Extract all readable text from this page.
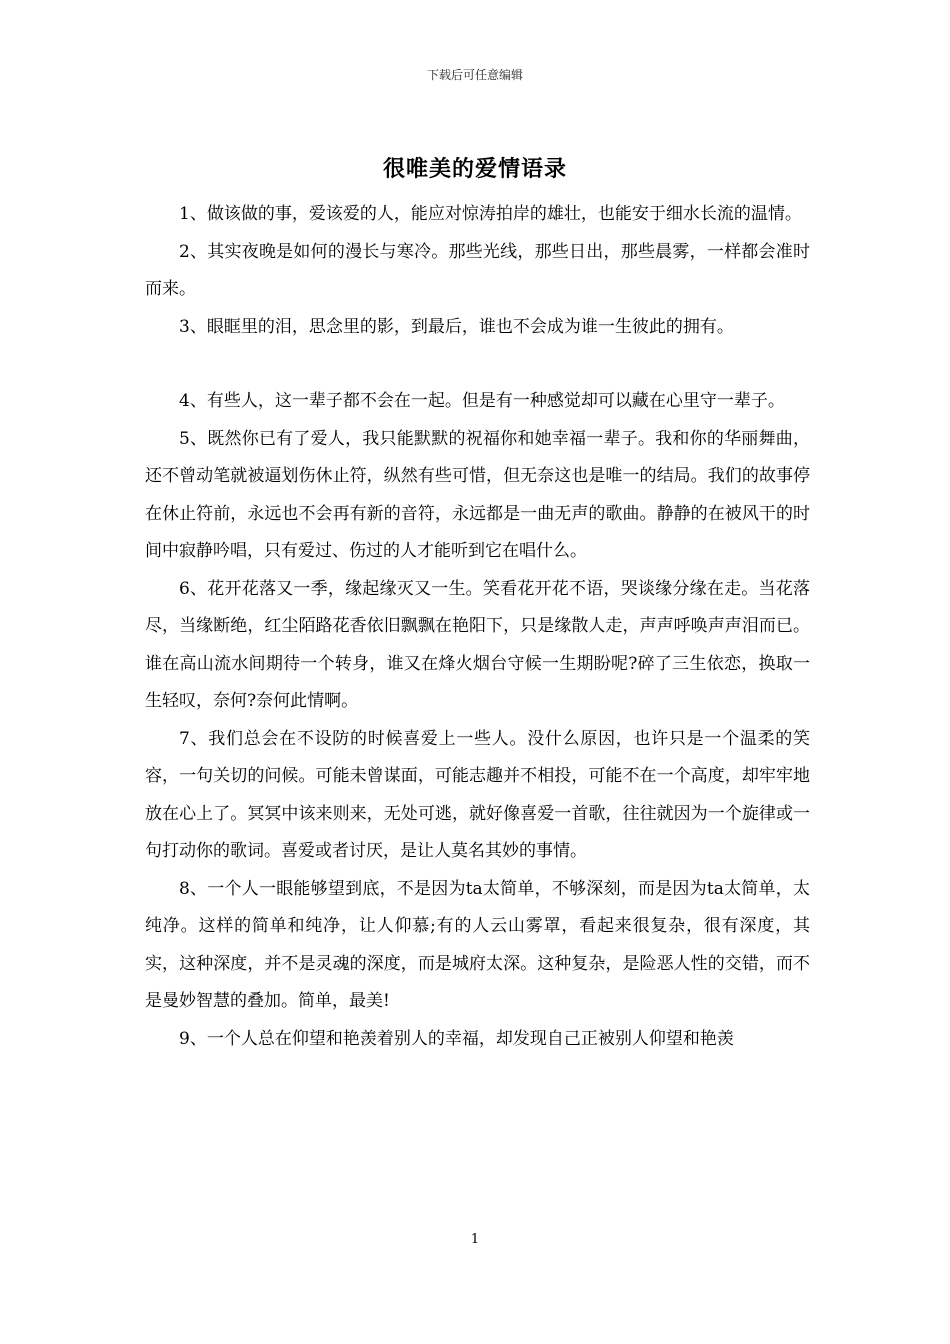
下载后可任意编辑
很唯美的爱情语录

1、做该做的事，爱该爱的人，能应对惊涛拍岸的雄壮，也能安于细水长流的温情。

2、其实夜晚是如何的漫长与寒冷。那些光线，那些日出，那些晨雾，一样都会准时而来。

3、眼眶里的泪，思念里的影，到最后，谁也不会成为谁一生彼此的拥有。

4、有些人，这一辈子都不会在一起。但是有一种感觉却可以藏在心里守一辈子。

5、既然你已有了爱人，我只能默默的祝福你和她幸福一辈子。我和你的华丽舞曲，还不曾动笔就被逼划伤休止符，纵然有些可惜，但无奈这也是唯一的结局。我们的故事停在休止符前，永远也不会再有新的音符，永远都是一曲无声的歌曲。静静的在被风干的时间中寂静吟唱，只有爱过、伤过的人才能听到它在唱什么。

6、花开花落又一季，缘起缘灭又一生。笑看花开花不语，哭谈缘分缘在走。当花落尽，当缘断绝，红尘陌路花香依旧飘飘在艳阳下，只是缘散人走，声声呼唤声声泪而已。谁在高山流水间期待一个转身，谁又在烽火烟台守候一生期盼呢?碎了三生依恋，换取一生轻叹，奈何?奈何此情啊。

7、我们总会在不设防的时候喜爱上一些人。没什么原因，也许只是一个温柔的笑容，一句关切的问候。可能未曾谋面，可能志趣并不相投，可能不在一个高度，却牢牢地放在心上了。冥冥中该来则来，无处可逃，就好像喜爱一首歌，往往就因为一个旋律或一句打动你的歌词。喜爱或者讨厌，是让人莫名其妙的事情。

8、一个人一眼能够望到底，不是因为ta太简单，不够深刻，而是因为ta太简单，太纯净。这样的简单和纯净，让人仰慕;有的人云山雾罩，看起来很复杂，很有深度，其实，这种深度，并不是灵魂的深度，而是城府太深。这种复杂，是险恶人性的交错，而不是曼妙智慧的叠加。简单，最美!

9、一个人总在仰望和艳羡着别人的幸福，却发现自己正被别人仰望和艳羡

1
